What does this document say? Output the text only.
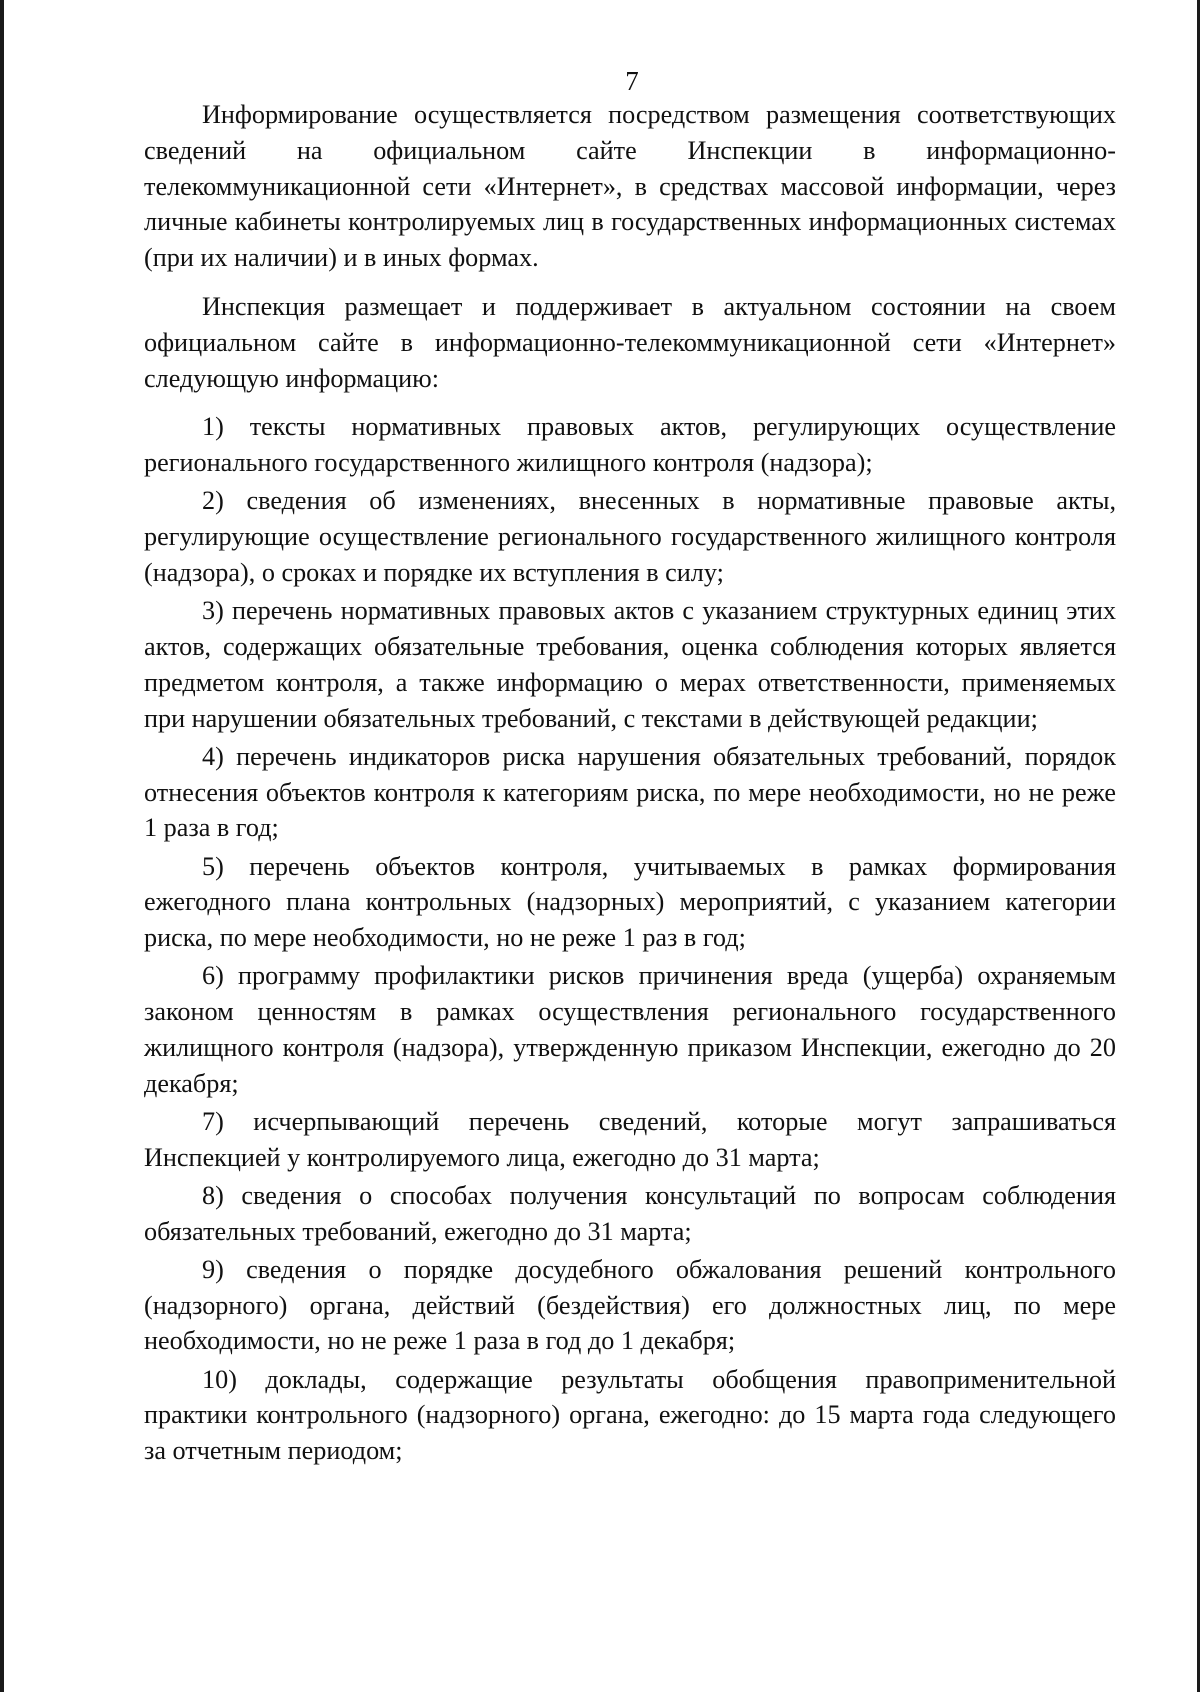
7

Информирование осуществляется посредством размещения соответствующих сведений на официальном сайте Инспекции в информационно-телекоммуникационной сети «Интернет», в средствах массовой информации, через личные кабинеты контролируемых лиц в государственных информационных системах (при их наличии) и в иных формах.

Инспекция размещает и поддерживает в актуальном состоянии на своем официальном сайте в информационно-телекоммуникационной сети «Интернет» следующую информацию:

1) тексты нормативных правовых актов, регулирующих осуществление регионального государственного жилищного контроля (надзора);

2) сведения об изменениях, внесенных в нормативные правовые акты, регулирующие осуществление регионального государственного жилищного контроля (надзора), о сроках и порядке их вступления в силу;

3) перечень нормативных правовых актов с указанием структурных единиц этих актов, содержащих обязательные требования, оценка соблюдения которых является предметом контроля, а также информацию о мерах ответственности, применяемых при нарушении обязательных требований, с текстами в действующей редакции;

4) перечень индикаторов риска нарушения обязательных требований, порядок отнесения объектов контроля к категориям риска, по мере необходимости, но не реже 1 раза в год;

5) перечень объектов контроля, учитываемых в рамках формирования ежегодного плана контрольных (надзорных) мероприятий, с указанием категории риска, по мере необходимости, но не реже 1 раз в год;

6) программу профилактики рисков причинения вреда (ущерба) охраняемым законом ценностям в рамках осуществления регионального государственного жилищного контроля (надзора), утвержденную приказом Инспекции, ежегодно до 20 декабря;

7) исчерпывающий перечень сведений, которые могут запрашиваться Инспекцией у контролируемого лица, ежегодно до 31 марта;

8) сведения о способах получения консультаций по вопросам соблюдения обязательных требований, ежегодно до 31 марта;

9) сведения о порядке досудебного обжалования решений контрольного (надзорного) органа, действий (бездействия) его должностных лиц, по мере необходимости, но не реже 1 раза в год до 1 декабря;

10) доклады, содержащие результаты обобщения правоприменительной практики контрольного (надзорного) органа, ежегодно: до 15 марта года следующего за отчетным периодом;
